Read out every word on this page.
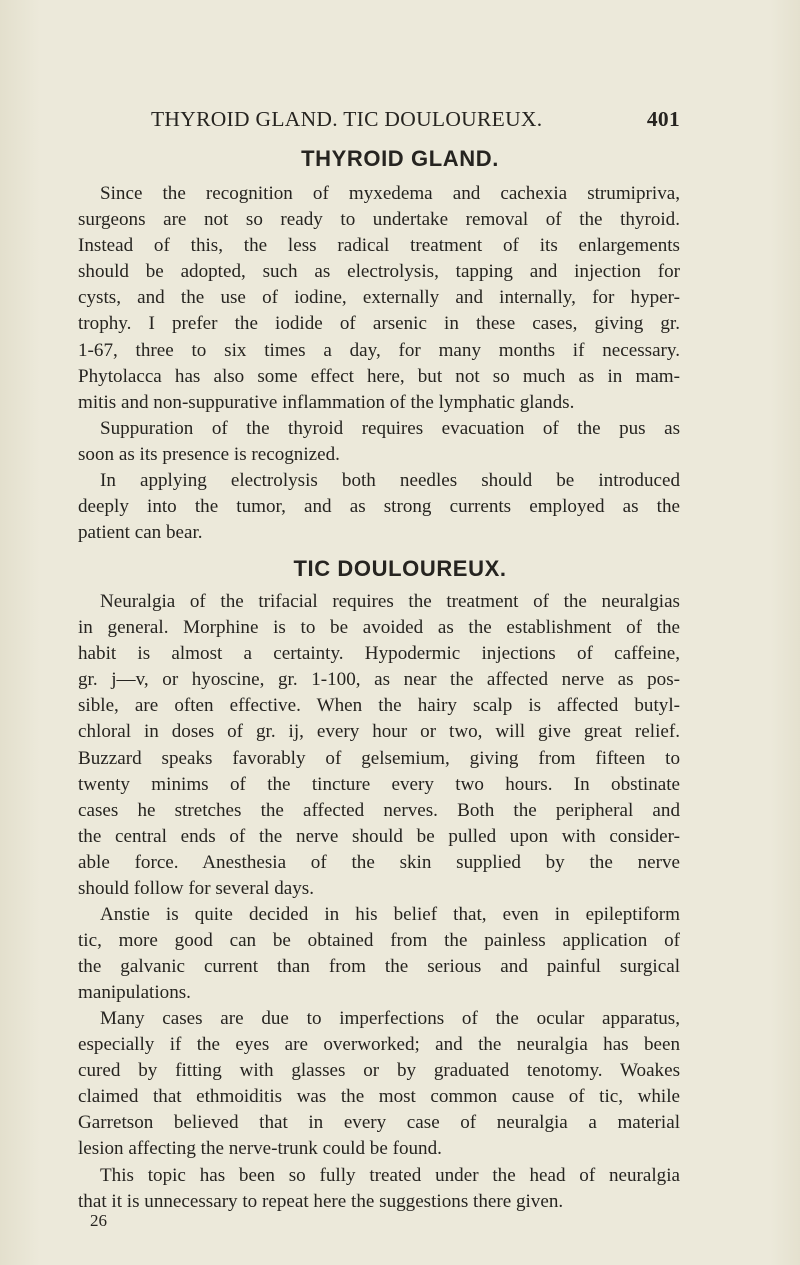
THYROID GLAND. TIC DOULOUREUX.	401
THYROID GLAND.
Since the recognition of myxedema and cachexia strumipriva,
surgeons are not so ready to undertake removal of the thyroid.
Instead of this, the less radical treatment of its enlargements
should be adopted, such as electrolysis, tapping and injection for
cysts, and the use of iodine, externally and internally, for hyper-
trophy. I prefer the iodide of arsenic in these cases, giving gr.
1-67, three to six times a day, for many months if necessary.
Phytolacca has also some effect here, but not so much as in mam-
mitis and non-suppurative inflammation of the lymphatic glands.
Suppuration of the thyroid requires evacuation of the pus as
soon as its presence is recognized.
In applying electrolysis both needles should be introduced
deeply into the tumor, and as strong currents employed as the
patient can bear.
TIC DOULOUREUX.
Neuralgia of the trifacial requires the treatment of the neuralgias
in general. Morphine is to be avoided as the establishment of the
habit is almost a certainty. Hypodermic injections of caffeine,
gr. j—v, or hyoscine, gr. 1-100, as near the affected nerve as pos-
sible, are often effective. When the hairy scalp is affected butyl-
chloral in doses of gr. ij, every hour or two, will give great relief.
Buzzard speaks favorably of gelsemium, giving from fifteen to
twenty minims of the tincture every two hours. In obstinate
cases he stretches the affected nerves. Both the peripheral and
the central ends of the nerve should be pulled upon with consider-
able force. Anesthesia of the skin supplied by the nerve
should follow for several days.
Anstie is quite decided in his belief that, even in epileptiform
tic, more good can be obtained from the painless application of
the galvanic current than from the serious and painful surgical
manipulations.
Many cases are due to imperfections of the ocular apparatus,
especially if the eyes are overworked; and the neuralgia has been
cured by fitting with glasses or by graduated tenotomy. Woakes
claimed that ethmoiditis was the most common cause of tic, while
Garretson believed that in every case of neuralgia a material
lesion affecting the nerve-trunk could be found.
This topic has been so fully treated under the head of neuralgia
that it is unnecessary to repeat here the suggestions there given.
26
